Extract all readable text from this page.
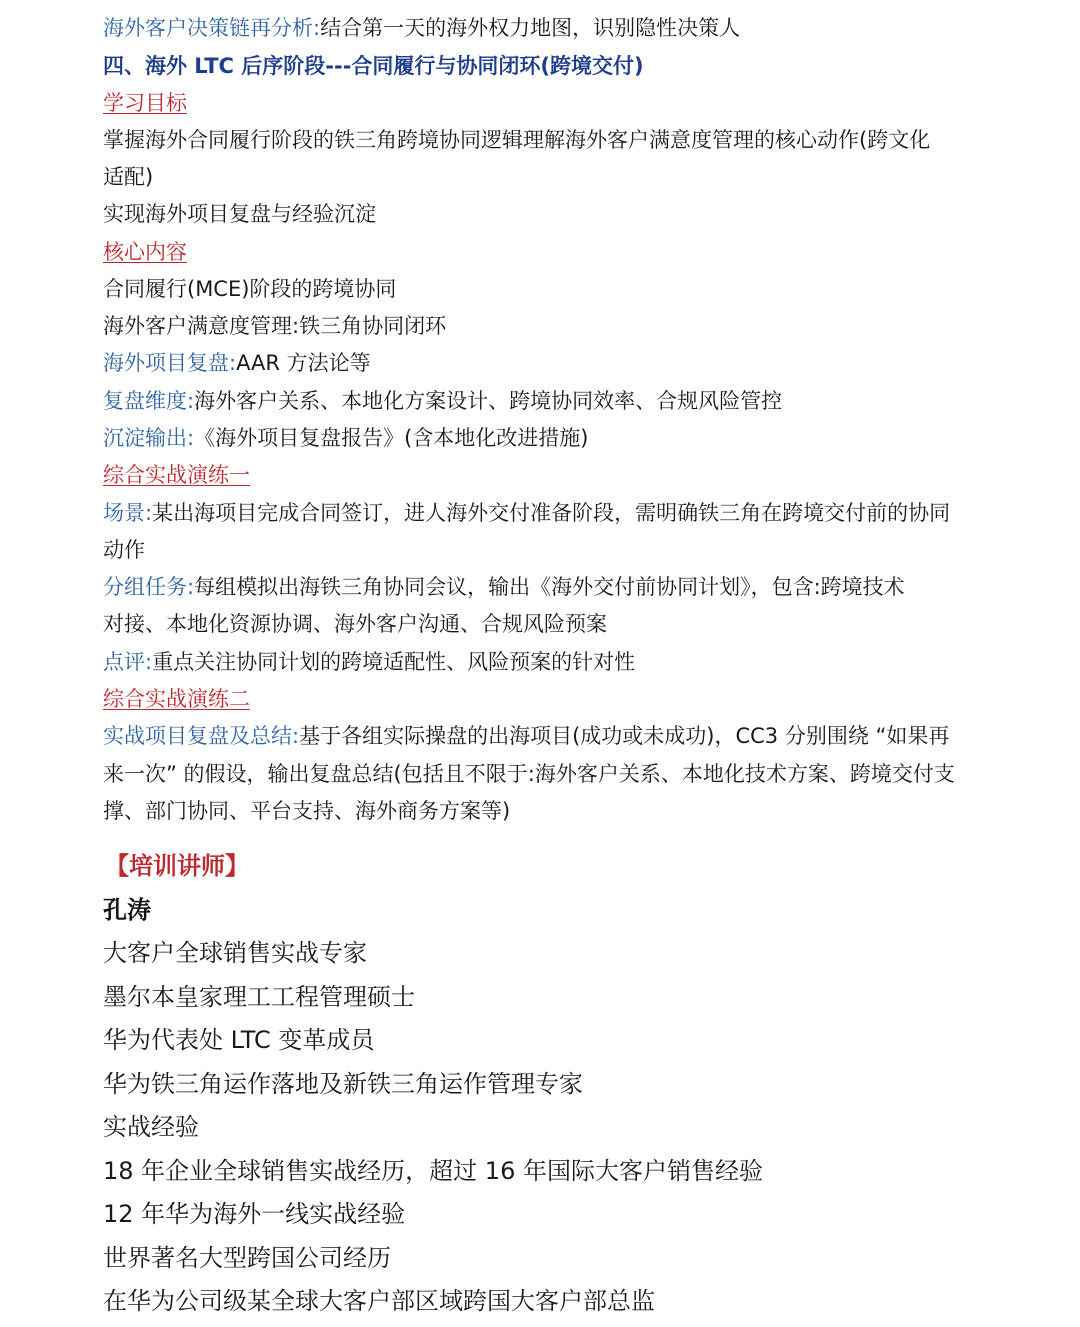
海外客户决策链再分析:结合第一天的海外权力地图，识别隐性决策人
四、海外 LTC 后序阶段---合同履行与协同闭环(跨境交付)
学习目标
掌握海外合同履行阶段的铁三角跨境协同逻辑理解海外客户满意度管理的核心动作(跨文化
适配)
实现海外项目复盘与经验沉淀
核心内容
合同履行(MCE)阶段的跨境协同
海外客户满意度管理:铁三角协同闭环
海外项目复盘:AAR 方法论等
复盘维度:海外客户关系、本地化方案设计、跨境协同效率、合规风险管控
沉淀输出:《海外项目复盘报告》(含本地化改进措施)
综合实战演练一
场景:某出海项目完成合同签订，进人海外交付准备阶段，需明确铁三角在跨境交付前的协同
动作
分组任务:每组模拟出海铁三角协同会议，输出《海外交付前协同计划》，包含:跨境技术
对接、本地化资源协调、海外客户沟通、合规风险预案
点评:重点关注协同计划的跨境适配性、风险预案的针对性
综合实战演练二
实战项目复盘及总结:基于各组实际操盘的出海项目(成功或未成功)，CC3 分别围绕 “如果再
来一次” 的假设，输出复盘总结(包括且不限于:海外客户关系、本地化技术方案、跨境交付支
撑、部门协同、平台支持、海外商务方案等)
【培训讲师】
孔涛
大客户全球销售实战专家
墨尔本皇家理工工程管理硕士
华为代表处 LTC 变革成员
华为铁三角运作落地及新铁三角运作管理专家
实战经验
18 年企业全球销售实战经历，超过 16 年国际大客户销售经验
12 年华为海外一线实战经验
世界著名大型跨国公司经历
在华为公司级某全球大客户部区域跨国大客户部总监
